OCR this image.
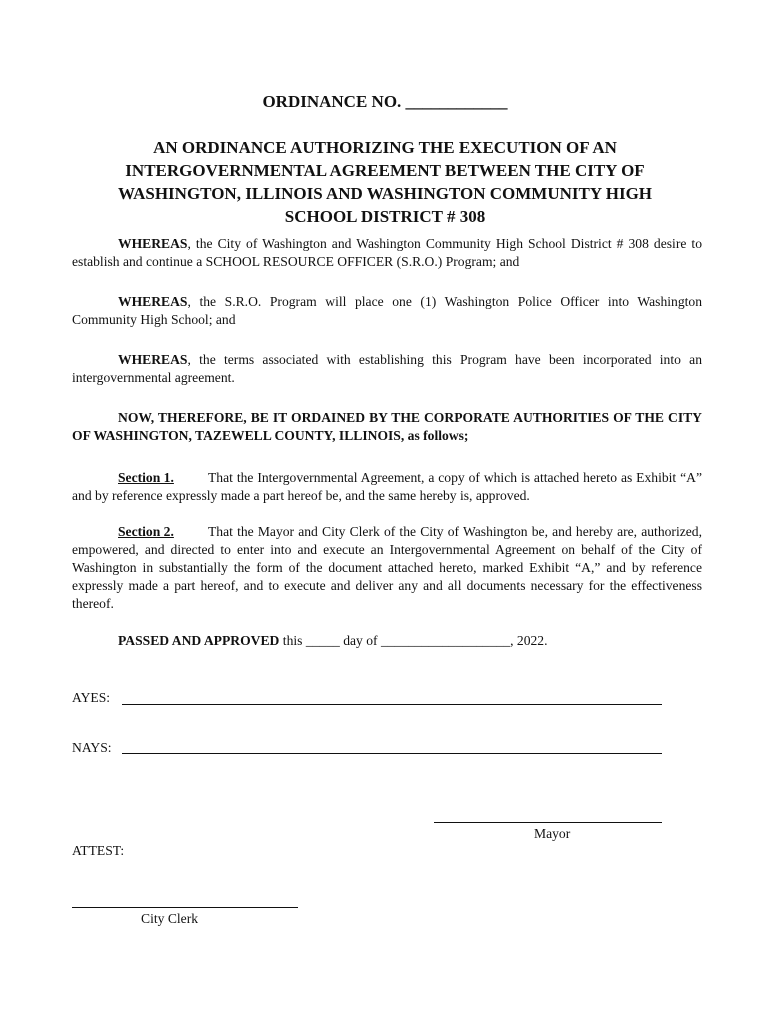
ORDINANCE NO. ____________
AN ORDINANCE AUTHORIZING THE EXECUTION OF AN INTERGOVERNMENTAL AGREEMENT BETWEEN THE CITY OF WASHINGTON, ILLINOIS AND WASHINGTON COMMUNITY HIGH SCHOOL DISTRICT # 308
WHEREAS, the City of Washington and Washington Community High School District # 308 desire to establish and continue a SCHOOL RESOURCE OFFICER (S.R.O.) Program; and
WHEREAS, the S.R.O. Program will place one (1) Washington Police Officer into Washington Community High School; and
WHEREAS, the terms associated with establishing this Program have been incorporated into an intergovernmental agreement.
NOW, THEREFORE, BE IT ORDAINED BY THE CORPORATE AUTHORITIES OF THE CITY OF WASHINGTON, TAZEWELL COUNTY, ILLINOIS, as follows;
Section 1.	That the Intergovernmental Agreement, a copy of which is attached hereto as Exhibit “A” and by reference expressly made a part hereof be, and the same hereby is, approved.
Section 2.	That the Mayor and City Clerk of the City of Washington be, and hereby are, authorized, empowered, and directed to enter into and execute an Intergovernmental Agreement on behalf of the City of Washington in substantially the form of the document attached hereto, marked Exhibit “A,” and by reference expressly made a part hereof, and to execute and deliver any and all documents necessary for the effectiveness thereof.
PASSED AND APPROVED this _____ day of ___________________, 2022.
AYES:
NAYS:
Mayor
ATTEST:
City Clerk
